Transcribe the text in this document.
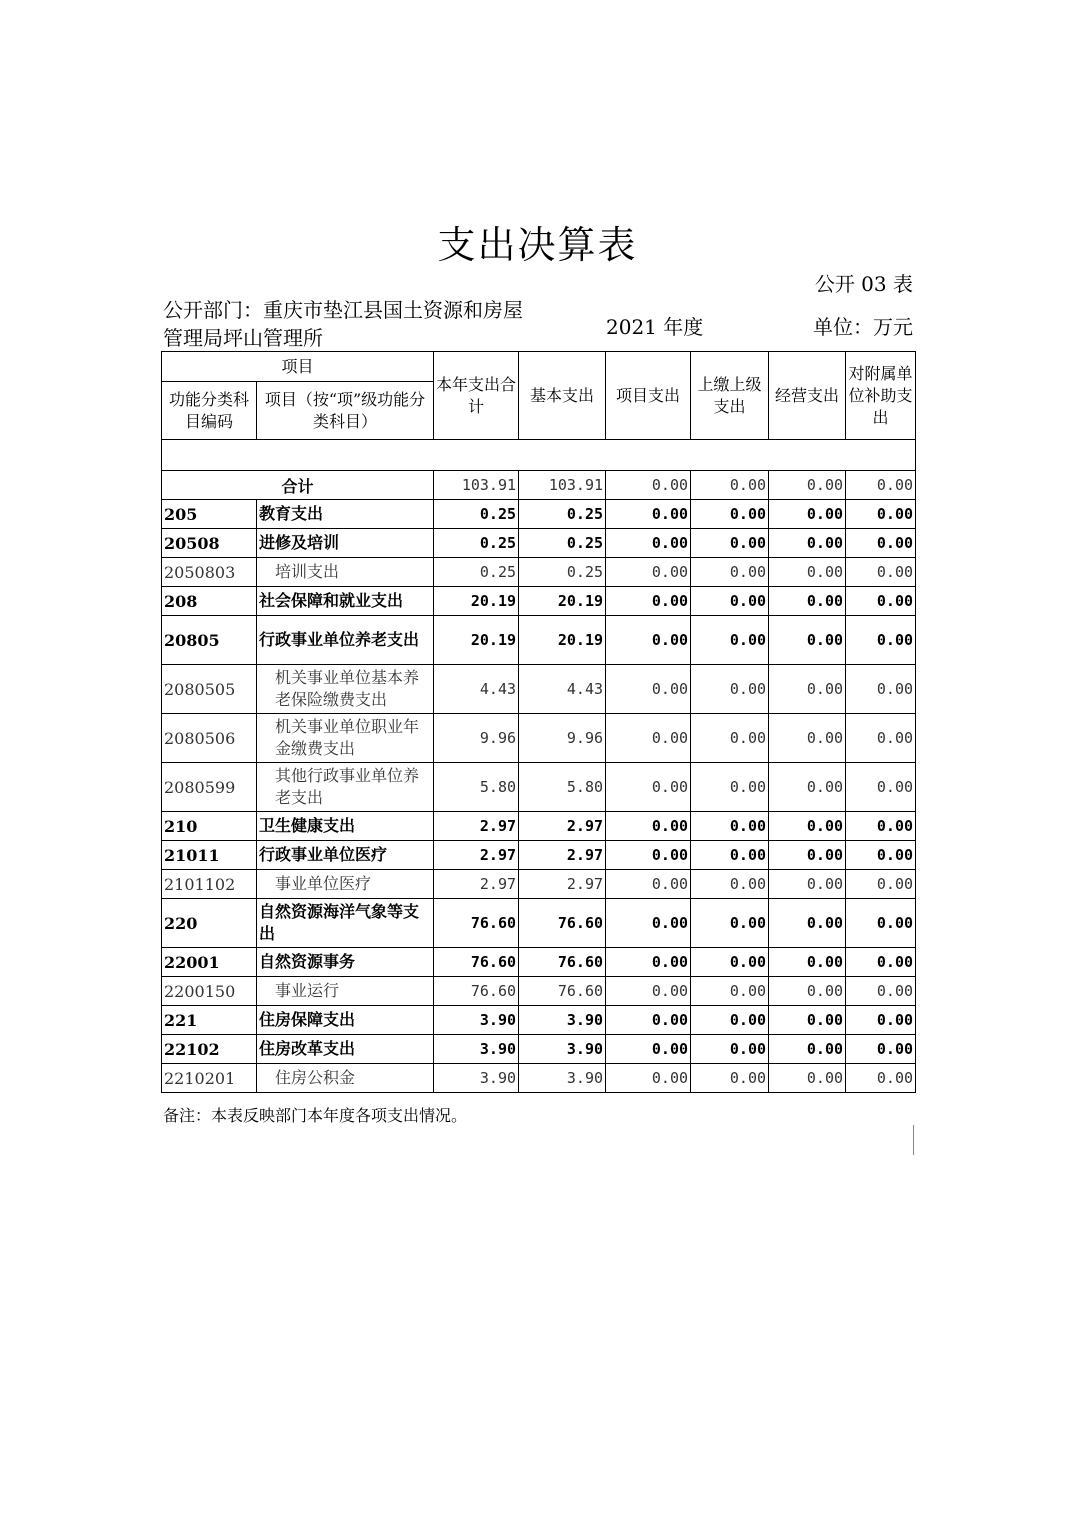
支出决算表
公开 03 表
公开部门：重庆市垫江县国土资源和房屋管理局坪山管理所	2021 年度	单位：万元
项目		本年支出合计	基本支出	项目支出	上缴上级支出	经营支出	对附属单位补助支出
功能分类科目编码	项目（按“项”级功能分类科目）						

合计		103.91	103.91	0.00	0.00	0.00	0.00
205	教育支出	0.25	0.25	0.00	0.00	0.00	0.00
20508	进修及培训	0.25	0.25	0.00	0.00	0.00	0.00
2050803	培训支出	0.25	0.25	0.00	0.00	0.00	0.00
208	社会保障和就业支出	20.19	20.19	0.00	0.00	0.00	0.00
20805	行政事业单位养老支出	20.19	20.19	0.00	0.00	0.00	0.00
2080505	机关事业单位基本养老保险缴费支出	4.43	4.43	0.00	0.00	0.00	0.00
2080506	机关事业单位职业年金缴费支出	9.96	9.96	0.00	0.00	0.00	0.00
2080599	其他行政事业单位养老支出	5.80	5.80	0.00	0.00	0.00	0.00
210	卫生健康支出	2.97	2.97	0.00	0.00	0.00	0.00
21011	行政事业单位医疗	2.97	2.97	0.00	0.00	0.00	0.00
2101102	事业单位医疗	2.97	2.97	0.00	0.00	0.00	0.00
220	自然资源海洋气象等支出	76.60	76.60	0.00	0.00	0.00	0.00
22001	自然资源事务	76.60	76.60	0.00	0.00	0.00	0.00
2200150	事业运行	76.60	76.60	0.00	0.00	0.00	0.00
221	住房保障支出	3.90	3.90	0.00	0.00	0.00	0.00
22102	住房改革支出	3.90	3.90	0.00	0.00	0.00	0.00
2210201	住房公积金	3.90	3.90	0.00	0.00	0.00	0.00
备注：本表反映部门本年度各项支出情况。
